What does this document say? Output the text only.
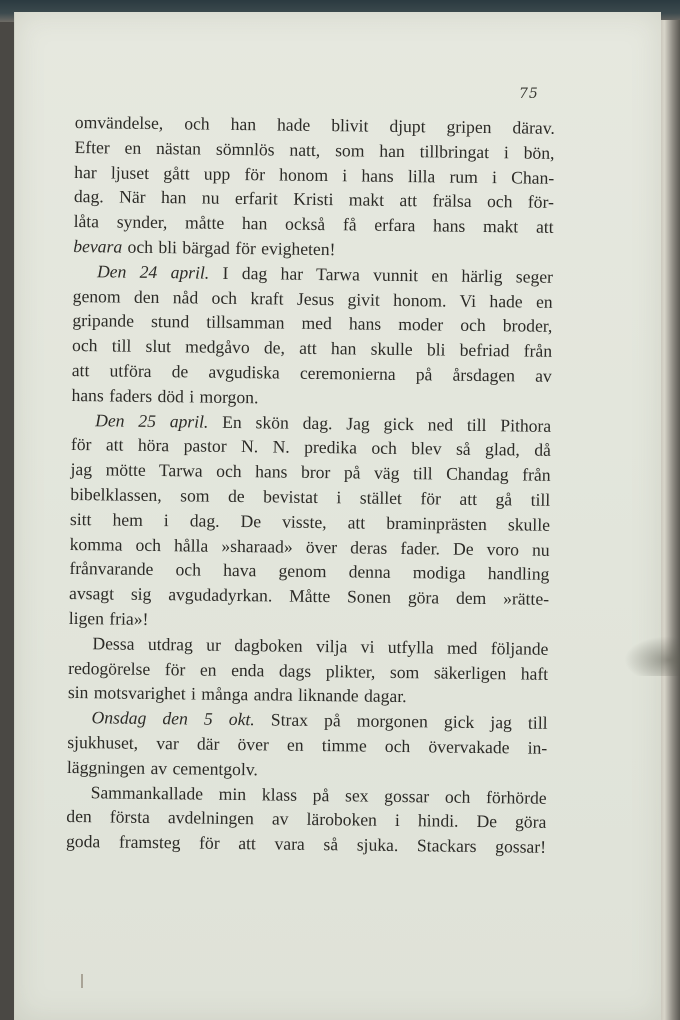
75
omvändelse, och han hade blivit djupt gripen därav.
Efter en nästan sömnlös natt, som han tillbringat i bön,
har ljuset gått upp för honom i hans lilla rum i Chan-
dag. När han nu erfarit Kristi makt att frälsa och för-
låta synder, måtte han också få erfara hans makt att
bevara och bli bärgad för evigheten!
Den 24 april. I dag har Tarwa vunnit en härlig seger
genom den nåd och kraft Jesus givit honom. Vi hade en
gripande stund tillsamman med hans moder och broder,
och till slut medgåvo de, att han skulle bli befriad från
att utföra de avgudiska ceremonierna på årsdagen av
hans faders död i morgon.
Den 25 april. En skön dag. Jag gick ned till Pithora
för att höra pastor N. N. predika och blev så glad, då
jag mötte Tarwa och hans bror på väg till Chandag från
bibelklassen, som de bevistat i stället för att gå till
sitt hem i dag. De visste, att braminprästen skulle
komma och hålla »sharaad» över deras fader. De voro nu
frånvarande och hava genom denna modiga handling
avsagt sig avgudadyrkan. Måtte Sonen göra dem »rätte-
ligen fria»!
Dessa utdrag ur dagboken vilja vi utfylla med följande
redogörelse för en enda dags plikter, som säkerligen haft
sin motsvarighet i många andra liknande dagar.
Onsdag den 5 okt. Strax på morgonen gick jag till
sjukhuset, var där över en timme och övervakade in-
läggningen av cementgolv.
Sammankallade min klass på sex gossar och förhörde
den första avdelningen av läroboken i hindi. De göra
goda framsteg för att vara så sjuka. Stackars gossar!
